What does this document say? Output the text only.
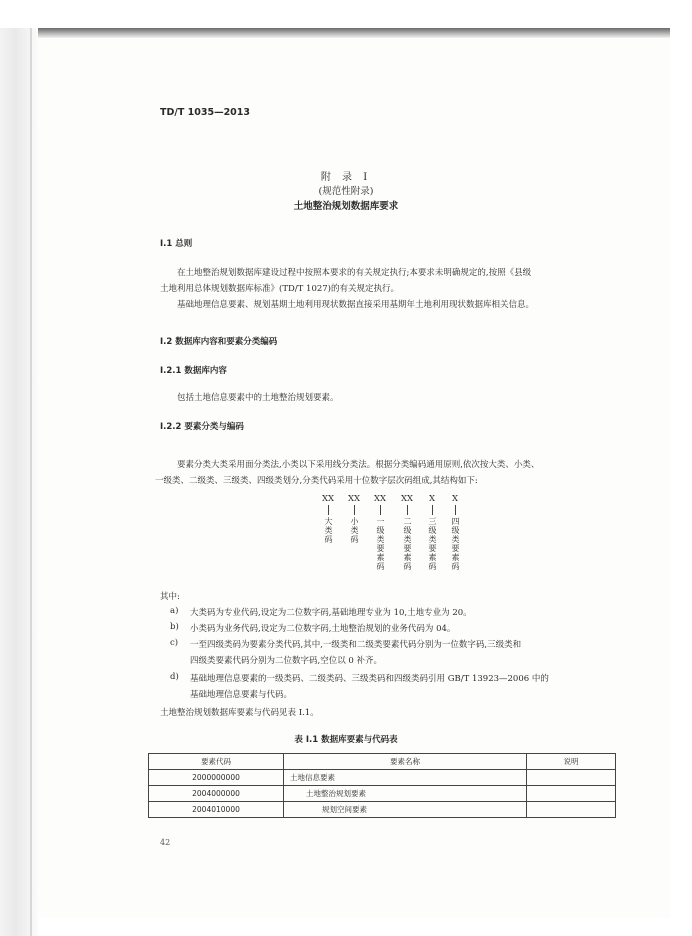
TD/T 1035—2013
附 录 I
(规范性附录)
土地整治规划数据库要求
I.1 总则
在土地整治规划数据库建设过程中按照本要求的有关规定执行;本要求未明确规定的,按照《县级
土地利用总体规划数据库标准》(TD/T 1027)的有关规定执行。
基础地理信息要素、规划基期土地利用现状数据直接采用基期年土地利用现状数据库相关信息。
I.2 数据库内容和要素分类编码
I.2.1 数据库内容
包括土地信息要素中的土地整治规划要素。
I.2.2 要素分类与编码
要素分类大类采用面分类法,小类以下采用线分类法。根据分类编码通用原则,依次按大类、小类、
一级类、二级类、三级类、四级类划分,分类代码采用十位数字层次码组成,其结构如下:
XX
大类码
XX
小类码
XX
一级类要素码
XX
二级类要素码
X
三级类要素码
X
四级类要素码
其中:
a) 大类码为专业代码,设定为二位数字码,基础地理专业为 10,土地专业为 20。
b) 小类码为业务代码,设定为二位数字码,土地整治规划的业务代码为 04。
c) 一至四级类码为要素分类代码,其中,一级类和二级类要素代码分别为一位数字码,三级类和
四级类要素代码分别为二位数字码,空位以 0 补齐。
d) 基础地理信息要素的一级类码、二级类码、三级类码和四级类码引用 GB/T 13923—2006 中的
基础地理信息要素与代码。
土地整治规划数据库要素与代码见表 I.1。
表 I.1 数据库要素与代码表
要素代码	要素名称	说明
2000000000	土地信息要素	
2004000000	土地整治规划要素	
2004010000	规划空间要素	
42
